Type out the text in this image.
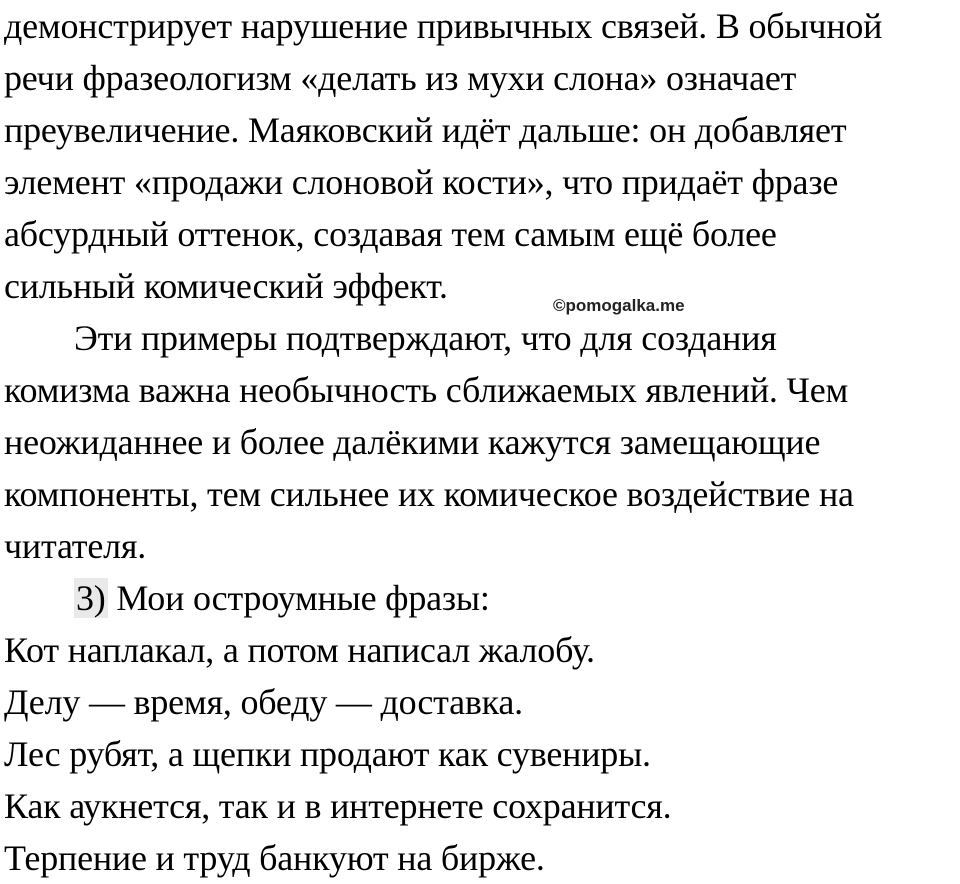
демонстрирует нарушение привычных связей. В обычной
речи фразеологизм «делать из мухи слона» означает
преувеличение. Маяковский идёт дальше: он добавляет
элемент «продажи слоновой кости», что придаёт фразе
абсурдный оттенок, создавая тем самым ещё более
сильный комический эффект.
Эти примеры подтверждают, что для создания
комизма важна необычность сближаемых явлений. Чем
неожиданнее и более далёкими кажутся замещающие
компоненты, тем сильнее их комическое воздействие на
читателя.
3) Мои остроумные фразы:
Кот наплакал, а потом написал жалобу.
Делу — время, обеду — доставка.
Лес рубят, а щепки продают как сувениры.
Как аукнется, так и в интернете сохранится.
Терпение и труд банкуют на бирже.
©pomogalka.me
